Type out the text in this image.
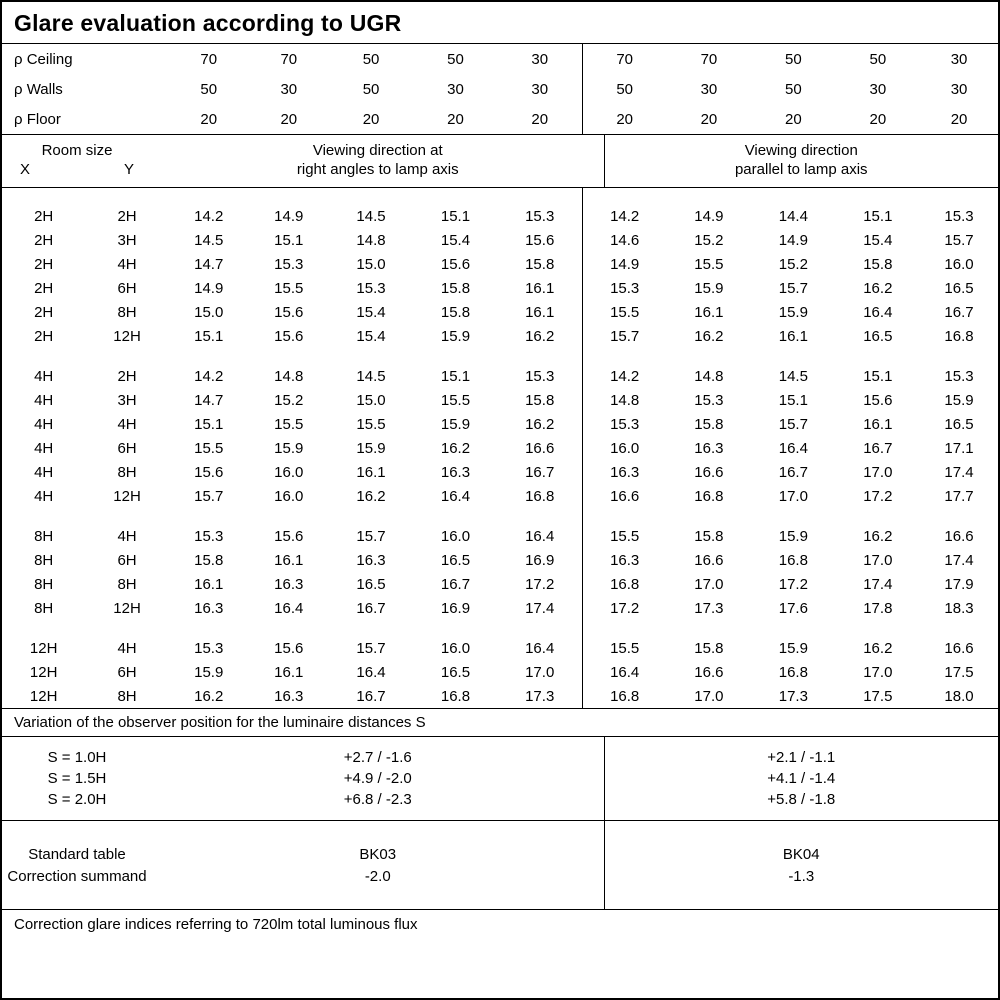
Glare evaluation according to UGR
ρ Ceiling	70	70	50	50	30	70	70	50	50	30
ρ Walls	50	30	50	30	30	50	30	50	30	30
ρ Floor	20	20	20	20	20	20	20	20	20	20
Room size
X	Y

Viewing direction at
right angles to lamp axis

Viewing direction
parallel to lamp axis

2H	2H	14.2	14.9	14.5	15.1	15.3	14.2	14.9	14.4	15.1	15.3
2H	3H	14.5	15.1	14.8	15.4	15.6	14.6	15.2	14.9	15.4	15.7
2H	4H	14.7	15.3	15.0	15.6	15.8	14.9	15.5	15.2	15.8	16.0
2H	6H	14.9	15.5	15.3	15.8	16.1	15.3	15.9	15.7	16.2	16.5
2H	8H	15.0	15.6	15.4	15.8	16.1	15.5	16.1	15.9	16.4	16.7
2H	12H	15.1	15.6	15.4	15.9	16.2	15.7	16.2	16.1	16.5	16.8

4H	2H	14.2	14.8	14.5	15.1	15.3	14.2	14.8	14.5	15.1	15.3
4H	3H	14.7	15.2	15.0	15.5	15.8	14.8	15.3	15.1	15.6	15.9
4H	4H	15.1	15.5	15.5	15.9	16.2	15.3	15.8	15.7	16.1	16.5
4H	6H	15.5	15.9	15.9	16.2	16.6	16.0	16.3	16.4	16.7	17.1
4H	8H	15.6	16.0	16.1	16.3	16.7	16.3	16.6	16.7	17.0	17.4
4H	12H	15.7	16.0	16.2	16.4	16.8	16.6	16.8	17.0	17.2	17.7

8H	4H	15.3	15.6	15.7	16.0	16.4	15.5	15.8	15.9	16.2	16.6
8H	6H	15.8	16.1	16.3	16.5	16.9	16.3	16.6	16.8	17.0	17.4
8H	8H	16.1	16.3	16.5	16.7	17.2	16.8	17.0	17.2	17.4	17.9
8H	12H	16.3	16.4	16.7	16.9	17.4	17.2	17.3	17.6	17.8	18.3

12H	4H	15.3	15.6	15.7	16.0	16.4	15.5	15.8	15.9	16.2	16.6
12H	6H	15.9	16.1	16.4	16.5	17.0	16.4	16.6	16.8	17.0	17.5
12H	8H	16.2	16.3	16.7	16.8	17.3	16.8	17.0	17.3	17.5	18.0
Variation of the observer position for the luminaire distances S

S = 1.0H	+2.7 / -1.6	+2.1 / -1.1
S = 1.5H	+4.9 / -2.0	+4.1 / -1.4
S = 2.0H	+6.8 / -2.3	+5.8 / -1.8

Standard table	BK03	BK04
Correction summand	-2.0	-1.3

Correction glare indices referring to 720lm total luminous flux
